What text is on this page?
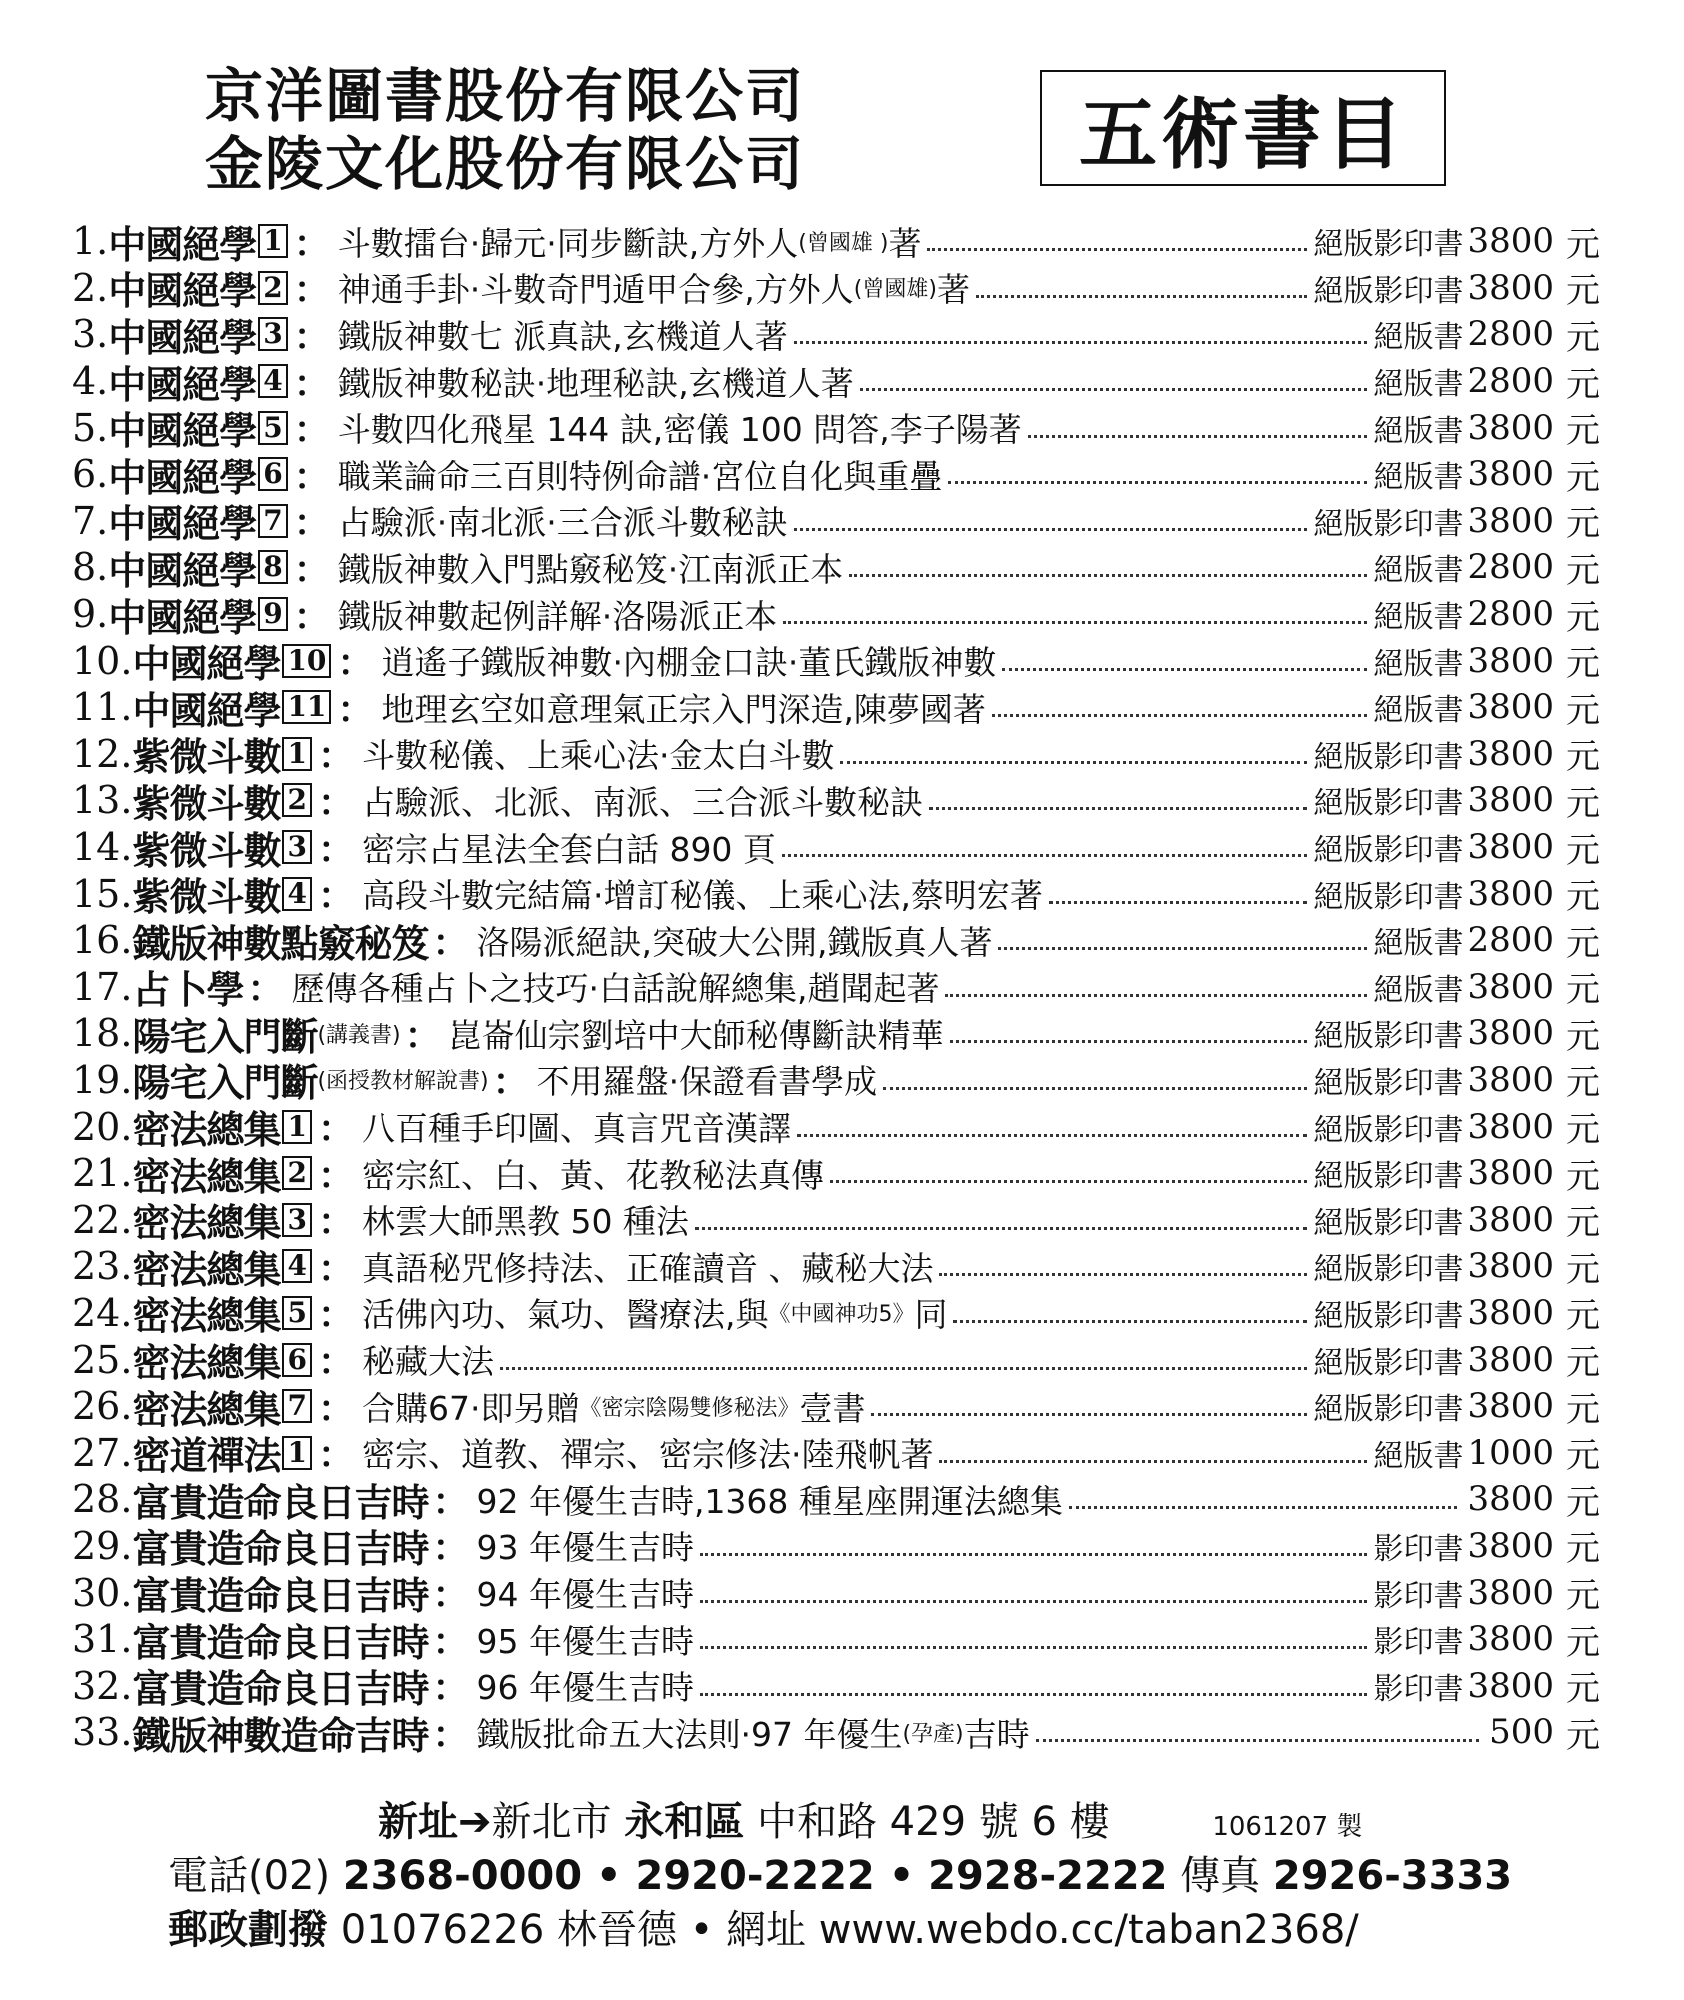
京洋圖書股份有限公司
金陵文化股份有限公司	五術書目
1. 中國絕學 1 ： 斗數擂台·歸元·同步斷訣,方外人 (曾國雄 ) 著	絕版影印書 3800 元
2. 中國絕學 2 ： 神通手卦·斗數奇門遁甲合參,方外人 (曾國雄) 著	絕版影印書 3800 元
3. 中國絕學 3 ： 鐵版神數七 派真訣,玄機道人著	絕版書 2800 元
4. 中國絕學 4 ： 鐵版神數秘訣·地理秘訣,玄機道人著	絕版書 2800 元
5. 中國絕學 5 ： 斗數四化飛星 144 訣,密儀 100 問答,李子陽著	絕版書 3800 元
6. 中國絕學 6 ： 職業論命三百則特例命譜·宮位自化與重疊	絕版書 3800 元
7. 中國絕學 7 ： 占驗派·南北派·三合派斗數秘訣	絕版影印書 3800 元
8. 中國絕學 8 ： 鐵版神數入門點竅秘笈·江南派正本	絕版書 2800 元
9. 中國絕學 9 ： 鐵版神數起例詳解·洛陽派正本	絕版書 2800 元
10. 中國絕學 10 ： 逍遙子鐵版神數·內棚金口訣·董氏鐵版神數	絕版書 3800 元
11. 中國絕學 11 ： 地理玄空如意理氣正宗入門深造,陳夢國著	絕版書 3800 元
12. 紫微斗數 1 ： 斗數秘儀、上乘心法·金太白斗數	絕版影印書 3800 元
13. 紫微斗數 2 ： 占驗派、北派、南派、三合派斗數秘訣	絕版影印書 3800 元
14. 紫微斗數 3 ： 密宗占星法全套白話 890 頁	絕版影印書 3800 元
15. 紫微斗數 4 ： 高段斗數完結篇·增訂秘儀、上乘心法,蔡明宏著	絕版影印書 3800 元
16. 鐵版神數點竅秘笈 ： 洛陽派絕訣,突破大公開,鐵版真人著	絕版書 2800 元
17. 占卜學 ： 歷傳各種占卜之技巧·白話說解總集,趙聞起著	絕版書 3800 元
18. 陽宅入門斷 (講義書) ： 崑崙仙宗劉培中大師秘傳斷訣精華	絕版影印書 3800 元
19. 陽宅入門斷 (函授教材解說書) ： 不用羅盤·保證看書學成	絕版影印書 3800 元
20. 密法總集 1 ： 八百種手印圖、真言咒音漢譯	絕版影印書 3800 元
21. 密法總集 2 ： 密宗紅、白、黃、花教秘法真傳	絕版影印書 3800 元
22. 密法總集 3 ： 林雲大師黑教 50 種法	絕版影印書 3800 元
23. 密法總集 4 ： 真語秘咒修持法、正確讀音 、藏秘大法	絕版影印書 3800 元
24. 密法總集 5 ： 活佛內功、氣功、醫療法,與 《中國神功5》 同	絕版影印書 3800 元
25. 密法總集 6 ： 秘藏大法	絕版影印書 3800 元
26. 密法總集 7 ： 合購67·即另贈 《密宗陰陽雙修秘法》 壹書	絕版影印書 3800 元
27. 密道禪法 1 ： 密宗、道教、禪宗、密宗修法·陸飛帆著	絕版書 1000 元
28. 富貴造命良日吉時 ： 92 年優生吉時,1368 種星座開運法總集	3800 元
29. 富貴造命良日吉時 ： 93 年優生吉時	影印書 3800 元
30. 富貴造命良日吉時 ： 94 年優生吉時	影印書 3800 元
31. 富貴造命良日吉時 ： 95 年優生吉時	影印書 3800 元
32. 富貴造命良日吉時 ： 96 年優生吉時	影印書 3800 元
33. 鐵版神數造命吉時 ： 鐵版批命五大法則·97 年優生 (孕產) 吉時	500 元
新址➔新北市 永和區 中和路 429 號 6 樓	1061207 製
電話(02) 2368-0000 • 2920-2222 • 2928-2222 傳真 2926-3333
郵政劃撥 01076226 林晉德 • 網址 www.webdo.cc/taban2368/
